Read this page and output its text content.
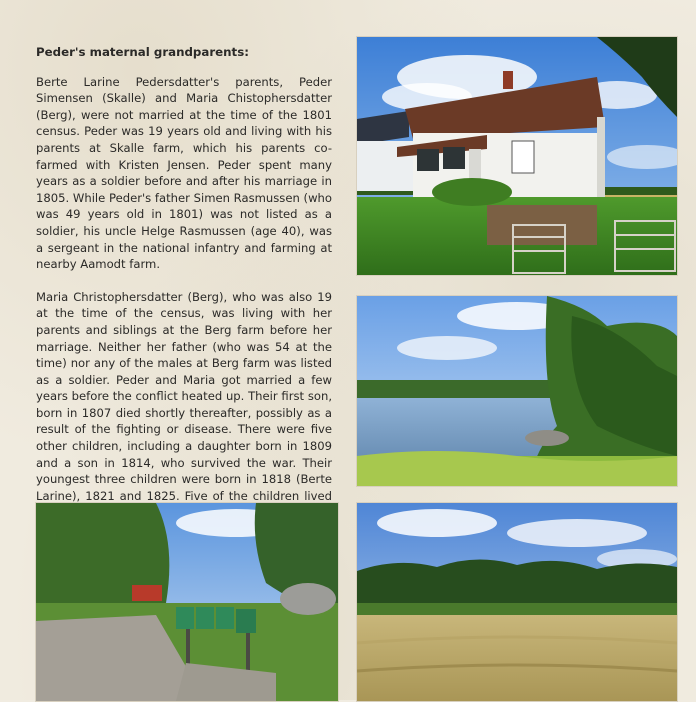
Peder's maternal grandparents:

Berte Larine Pedersdatter's parents, Peder Simensen (Skalle) and Maria Chistophersdatter (Berg), were not married at the time of the 1801 census. Peder was 19 years old and living with his parents at Skalle farm, which his parents co-farmed with Kristen Jensen. Peder spent many years as a soldier before and after his marriage in 1805. While Peder's father Simen Rasmussen (who was 49 years old in 1801) was not listed as a soldier, his uncle Helge Rasmussen (age 40), was a sergeant in the national infantry and farming at nearby Aamodt farm.

Maria Christophersdatter (Berg), who was also 19 at the time of the census, was living with her parents and siblings at the Berg farm before her marriage. Neither her father (who was 54 at the time) nor any of the males at Berg farm was listed as a soldier. Peder and Maria got married a few years before the conflict heated up. Their first son, born in 1807 died shortly thereafter, possibly as a result of the fighting or disease. There were five other children, including a daughter born in 1809 and a son in 1814, who survived the war. Their youngest three children were born in 1818 (Berte Larine), 1821 and 1825. Five of the children lived
